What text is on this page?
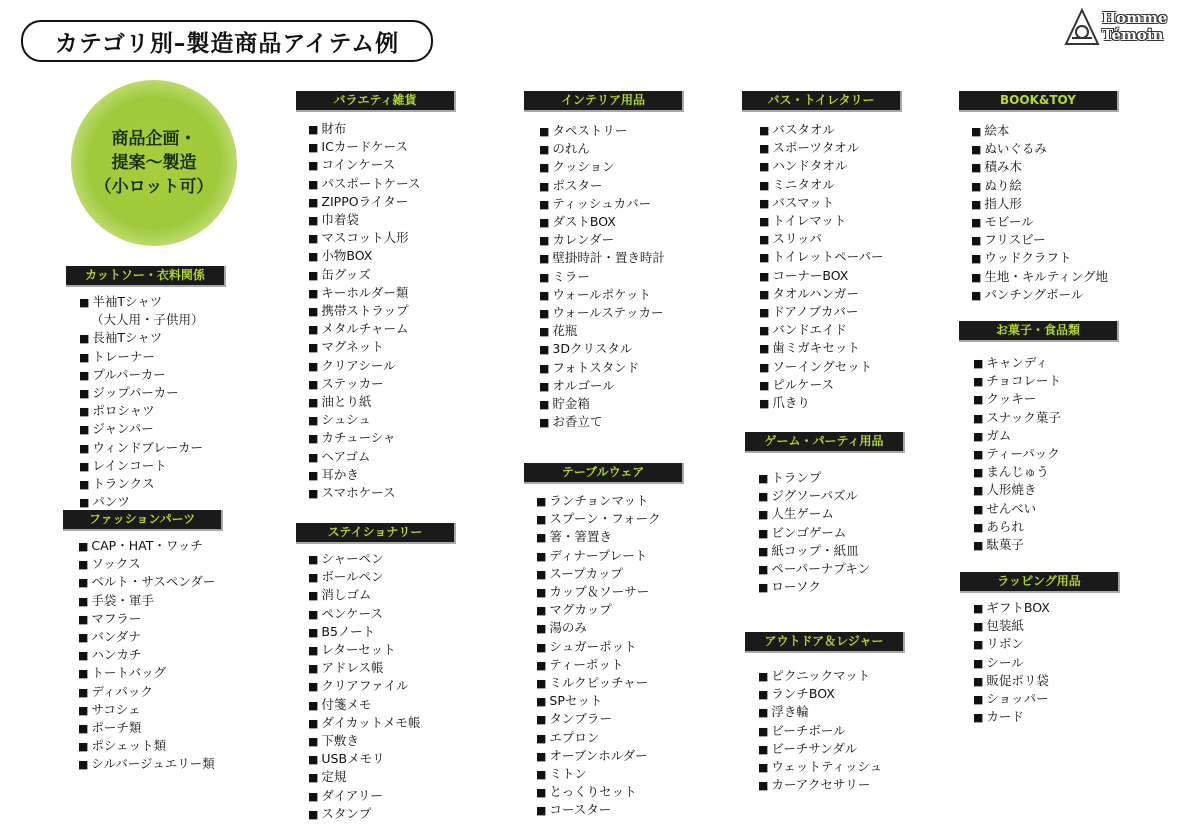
カテゴリ別–製造商品アイテム例
Homme
Témoin
商品企画・
提案～製造
（小ロット可）
カットソー・衣料関係
■ 半袖Tシャツ
（大人用・子供用）
■ 長袖Tシャツ
■ トレーナー
■ プルパーカー
■ ジップパーカー
■ ポロシャツ
■ ジャンパー
■ ウィンドブレーカー
■ レインコート
■ トランクス
■ パンツ
ファッションパーツ
■ CAP・HAT・ワッチ
■ ソックス
■ ベルト・サスペンダー
■ 手袋・軍手
■ マフラー
■ バンダナ
■ ハンカチ
■ トートバッグ
■ ディパック
■ サコシェ
■ ポーチ類
■ ポシェット類
■ シルバージュエリー類
バラエティ雑貨
■ 財布
■ ICカードケース
■ コインケース
■ パスポートケース
■ ZIPPOライター
■ 巾着袋
■ マスコット人形
■ 小物BOX
■ 缶グッズ
■ キーホルダー類
■ 携帯ストラップ
■ メタルチャーム
■ マグネット
■ クリアシール
■ ステッカー
■ 油とり紙
■ シュシュ
■ カチューシャ
■ ヘアゴム
■ 耳かき
■ スマホケース
ステイショナリー
■ シャーペン
■ ボールペン
■ 消しゴム
■ ペンケース
■ B5ノート
■ レターセット
■ アドレス帳
■ クリアファイル
■ 付箋メモ
■ ダイカットメモ帳
■ 下敷き
■ USBメモリ
■ 定規
■ ダイアリー
■ スタンプ
インテリア用品
■ タペストリー
■ のれん
■ クッション
■ ポスター
■ ティッシュカバー
■ ダストBOX
■ カレンダー
■ 壁掛時計・置き時計
■ ミラー
■ ウォールポケット
■ ウォールステッカー
■ 花瓶
■ 3Dクリスタル
■ フォトスタンド
■ オルゴール
■ 貯金箱
■ お香立て
テーブルウェア
■ ランチョンマット
■ スプーン・フォーク
■ 箸・箸置き
■ ディナープレート
■ スープカップ
■ カップ＆ソーサー
■ マグカップ
■ 湯のみ
■ シュガーポット
■ ティーポット
■ ミルクピッチャー
■ SPセット
■ タンブラー
■ エプロン
■ オーブンホルダー
■ ミトン
■ とっくりセット
■ コースター
バス・トイレタリー
■ バスタオル
■ スポーツタオル
■ ハンドタオル
■ ミニタオル
■ バスマット
■ トイレマット
■ スリッパ
■ トイレットペーパー
■ コーナーBOX
■ タオルハンガー
■ ドアノブカバー
■ バンドエイド
■ 歯ミガキセット
■ ソーイングセット
■ ピルケース
■ 爪きり
ゲーム・パーティ用品
■ トランプ
■ ジグソーパズル
■ 人生ゲーム
■ ビンゴゲーム
■ 紙コップ・紙皿
■ ペーパーナプキン
■ ローソク
アウトドア＆レジャー
■ ピクニックマット
■ ランチBOX
■ 浮き輪
■ ビーチボール
■ ビーチサンダル
■ ウェットティッシュ
■ カーアクセサリー
BOOK&TOY
■ 絵本
■ ぬいぐるみ
■ 積み木
■ ぬり絵
■ 指人形
■ モビール
■ フリスビー
■ ウッドクラフト
■ 生地・キルティング地
■ パンチングボール
お菓子・食品類
■ キャンディ
■ チョコレート
■ クッキー
■ スナック菓子
■ ガム
■ ティーパック
■ まんじゅう
■ 人形焼き
■ せんべい
■ あられ
■ 駄菓子
ラッピング用品
■ ギフトBOX
■ 包装紙
■ リボン
■ シール
■ 販促ポリ袋
■ ショッパー
■ カード
